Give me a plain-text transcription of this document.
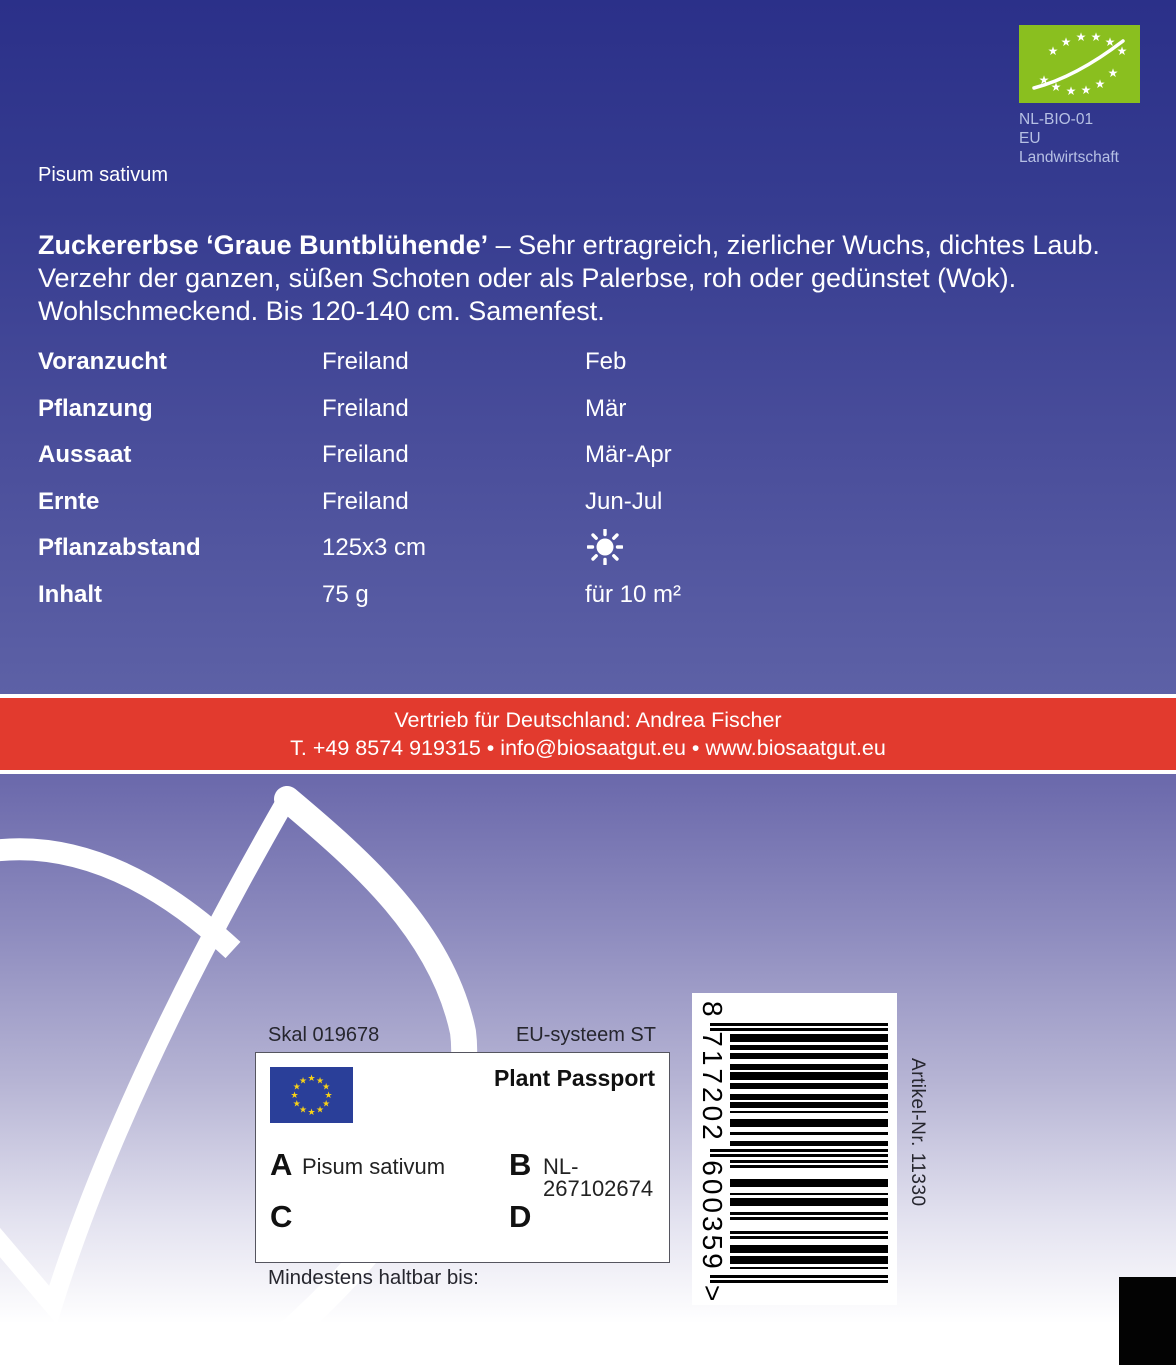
★
★ ★ ★ ★
★
★ ★ ★ ★ ★
★
NL-BIO-01
EU Landwirtschaft
Pisum sativum

Zuckererbse ‘Graue Buntblühende’ – Sehr ertragreich, zierlicher Wuchs, dichtes Laub. Verzehr der ganzen, süßen Schoten oder als Palerbse, roh oder gedünstet (Wok). Wohlschmeckend. Bis 120-140 cm. Samenfest.

Voranzucht	Freiland	Feb
Pflanzung	Freiland	Mär
Aussaat	Freiland	Mär-Apr
Ernte	Freiland	Jun-Jul
Pflanzabstand	125x3 cm
Inhalt	75 g	für 10 m²
Vertrieb für Deutschland: Andrea Fischer
T. +49 8574 919315 • info@biosaatgut.eu • www.biosaatgut.eu
Skal 019678	EU-systeem ST
★ ★
★
★
★
★
★
★
★
★
★
★	Plant Passport
A Pisum sativum B NL-267102674
C	D
Mindestens haltbar bis:
8
717202
600359
>
Artikel-Nr. 11330
